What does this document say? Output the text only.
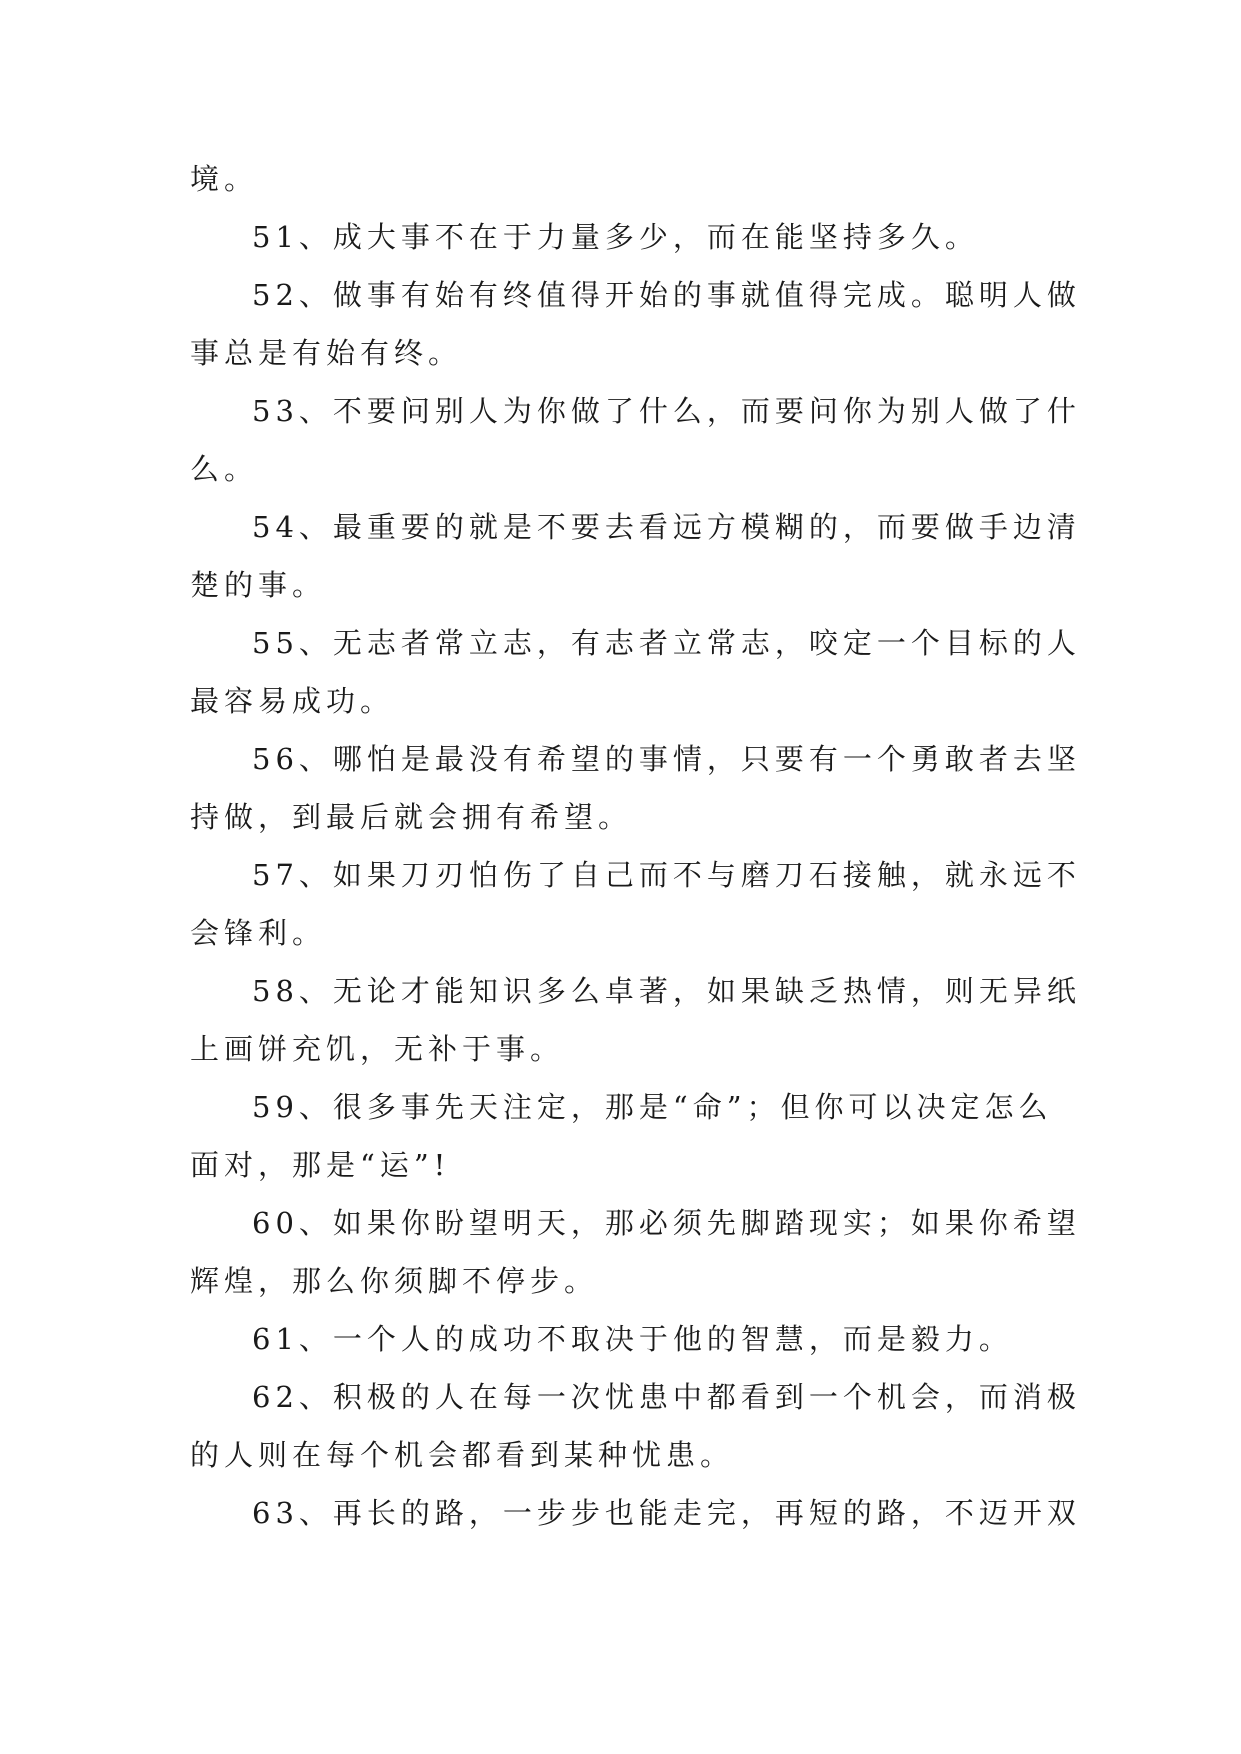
境。
51、成大事不在于力量多少，而在能坚持多久。
52、做事有始有终值得开始的事就值得完成。聪明人做
事总是有始有终。
53、不要问别人为你做了什么，而要问你为别人做了什
么。
54、最重要的就是不要去看远方模糊的，而要做手边清
楚的事。
55、无志者常立志，有志者立常志，咬定一个目标的人
最容易成功。
56、哪怕是最没有希望的事情，只要有一个勇敢者去坚
持做，到最后就会拥有希望。
57、如果刀刃怕伤了自己而不与磨刀石接触，就永远不
会锋利。
58、无论才能知识多么卓著，如果缺乏热情，则无异纸
上画饼充饥，无补于事。
59、很多事先天注定，那是“命”；但你可以决定怎么
面对，那是“运”!
60、如果你盼望明天，那必须先脚踏现实；如果你希望
辉煌，那么你须脚不停步。
61、一个人的成功不取决于他的智慧，而是毅力。
62、积极的人在每一次忧患中都看到一个机会，而消极
的人则在每个机会都看到某种忧患。
63、再长的路，一步步也能走完，再短的路，不迈开双
